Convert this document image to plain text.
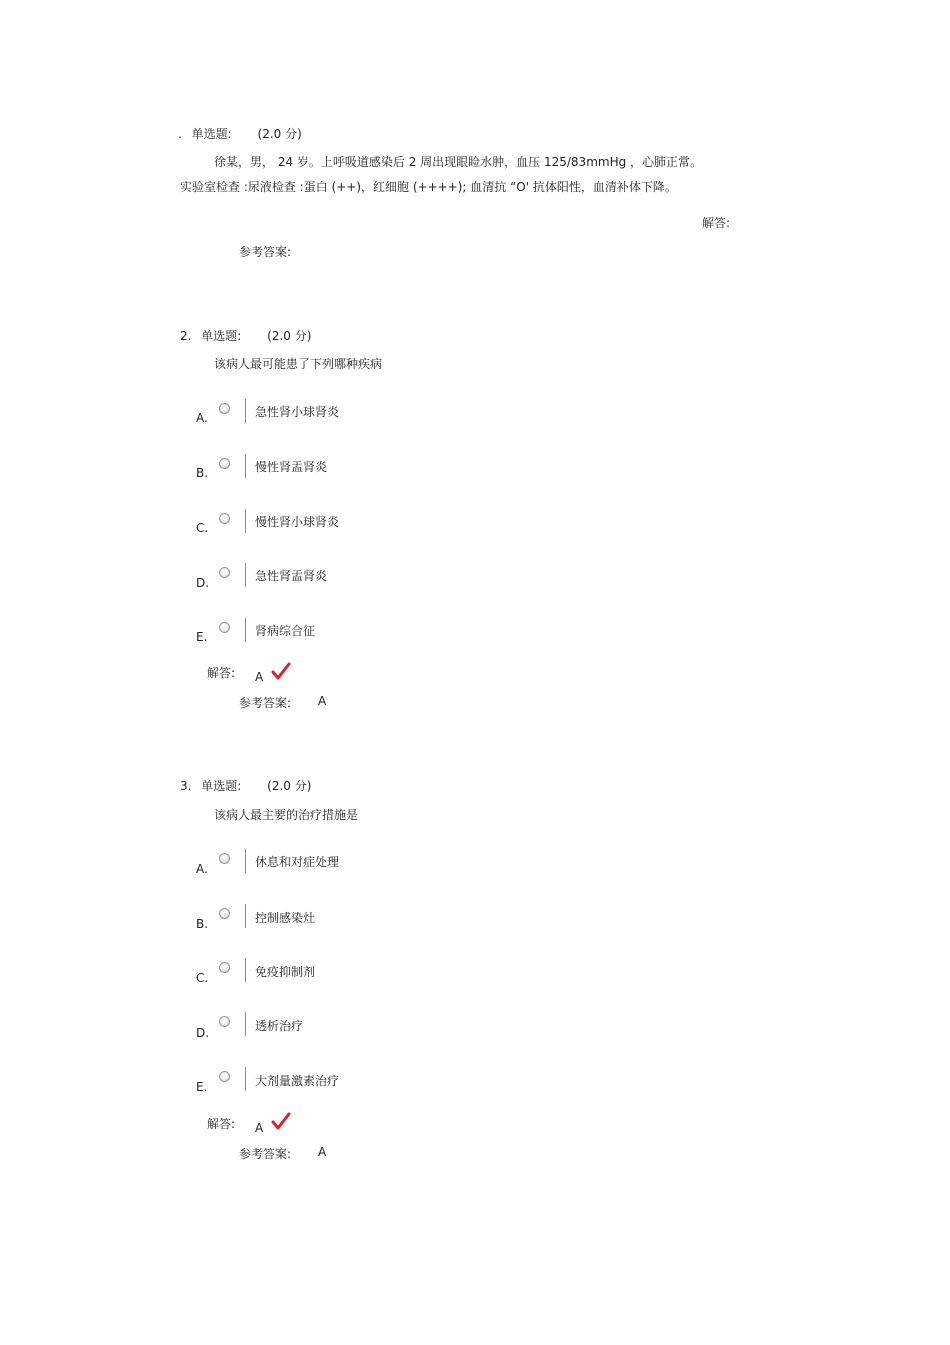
. 单选题: (2.0 分)
徐某，男， 24 岁。上呼吸道感染后 2 周出现眼睑水肿，血压 125/83mmHg ，心肺正常。
实验室检查 :尿液检查 :蛋白 (++)，红细胞 (++++); 血清抗 “O' 抗体阳性，血清补体下降。
解答:
参考答案:
2. 单选题: (2.0 分)
该病人最可能患了下列哪种疾病
A.	急性肾小球肾炎
B.	慢性肾盂肾炎
C.	慢性肾小球肾炎
D.	急性肾盂肾炎
E.	肾病综合征
解答: A
参考答案: A
3. 单选题: (2.0 分)
该病人最主要的治疗措施是
A.	休息和对症处理
B.	控制感染灶
C.	免疫抑制剂
D.	透析治疗
E.	大剂量激素治疗
解答: A
参考答案: A
